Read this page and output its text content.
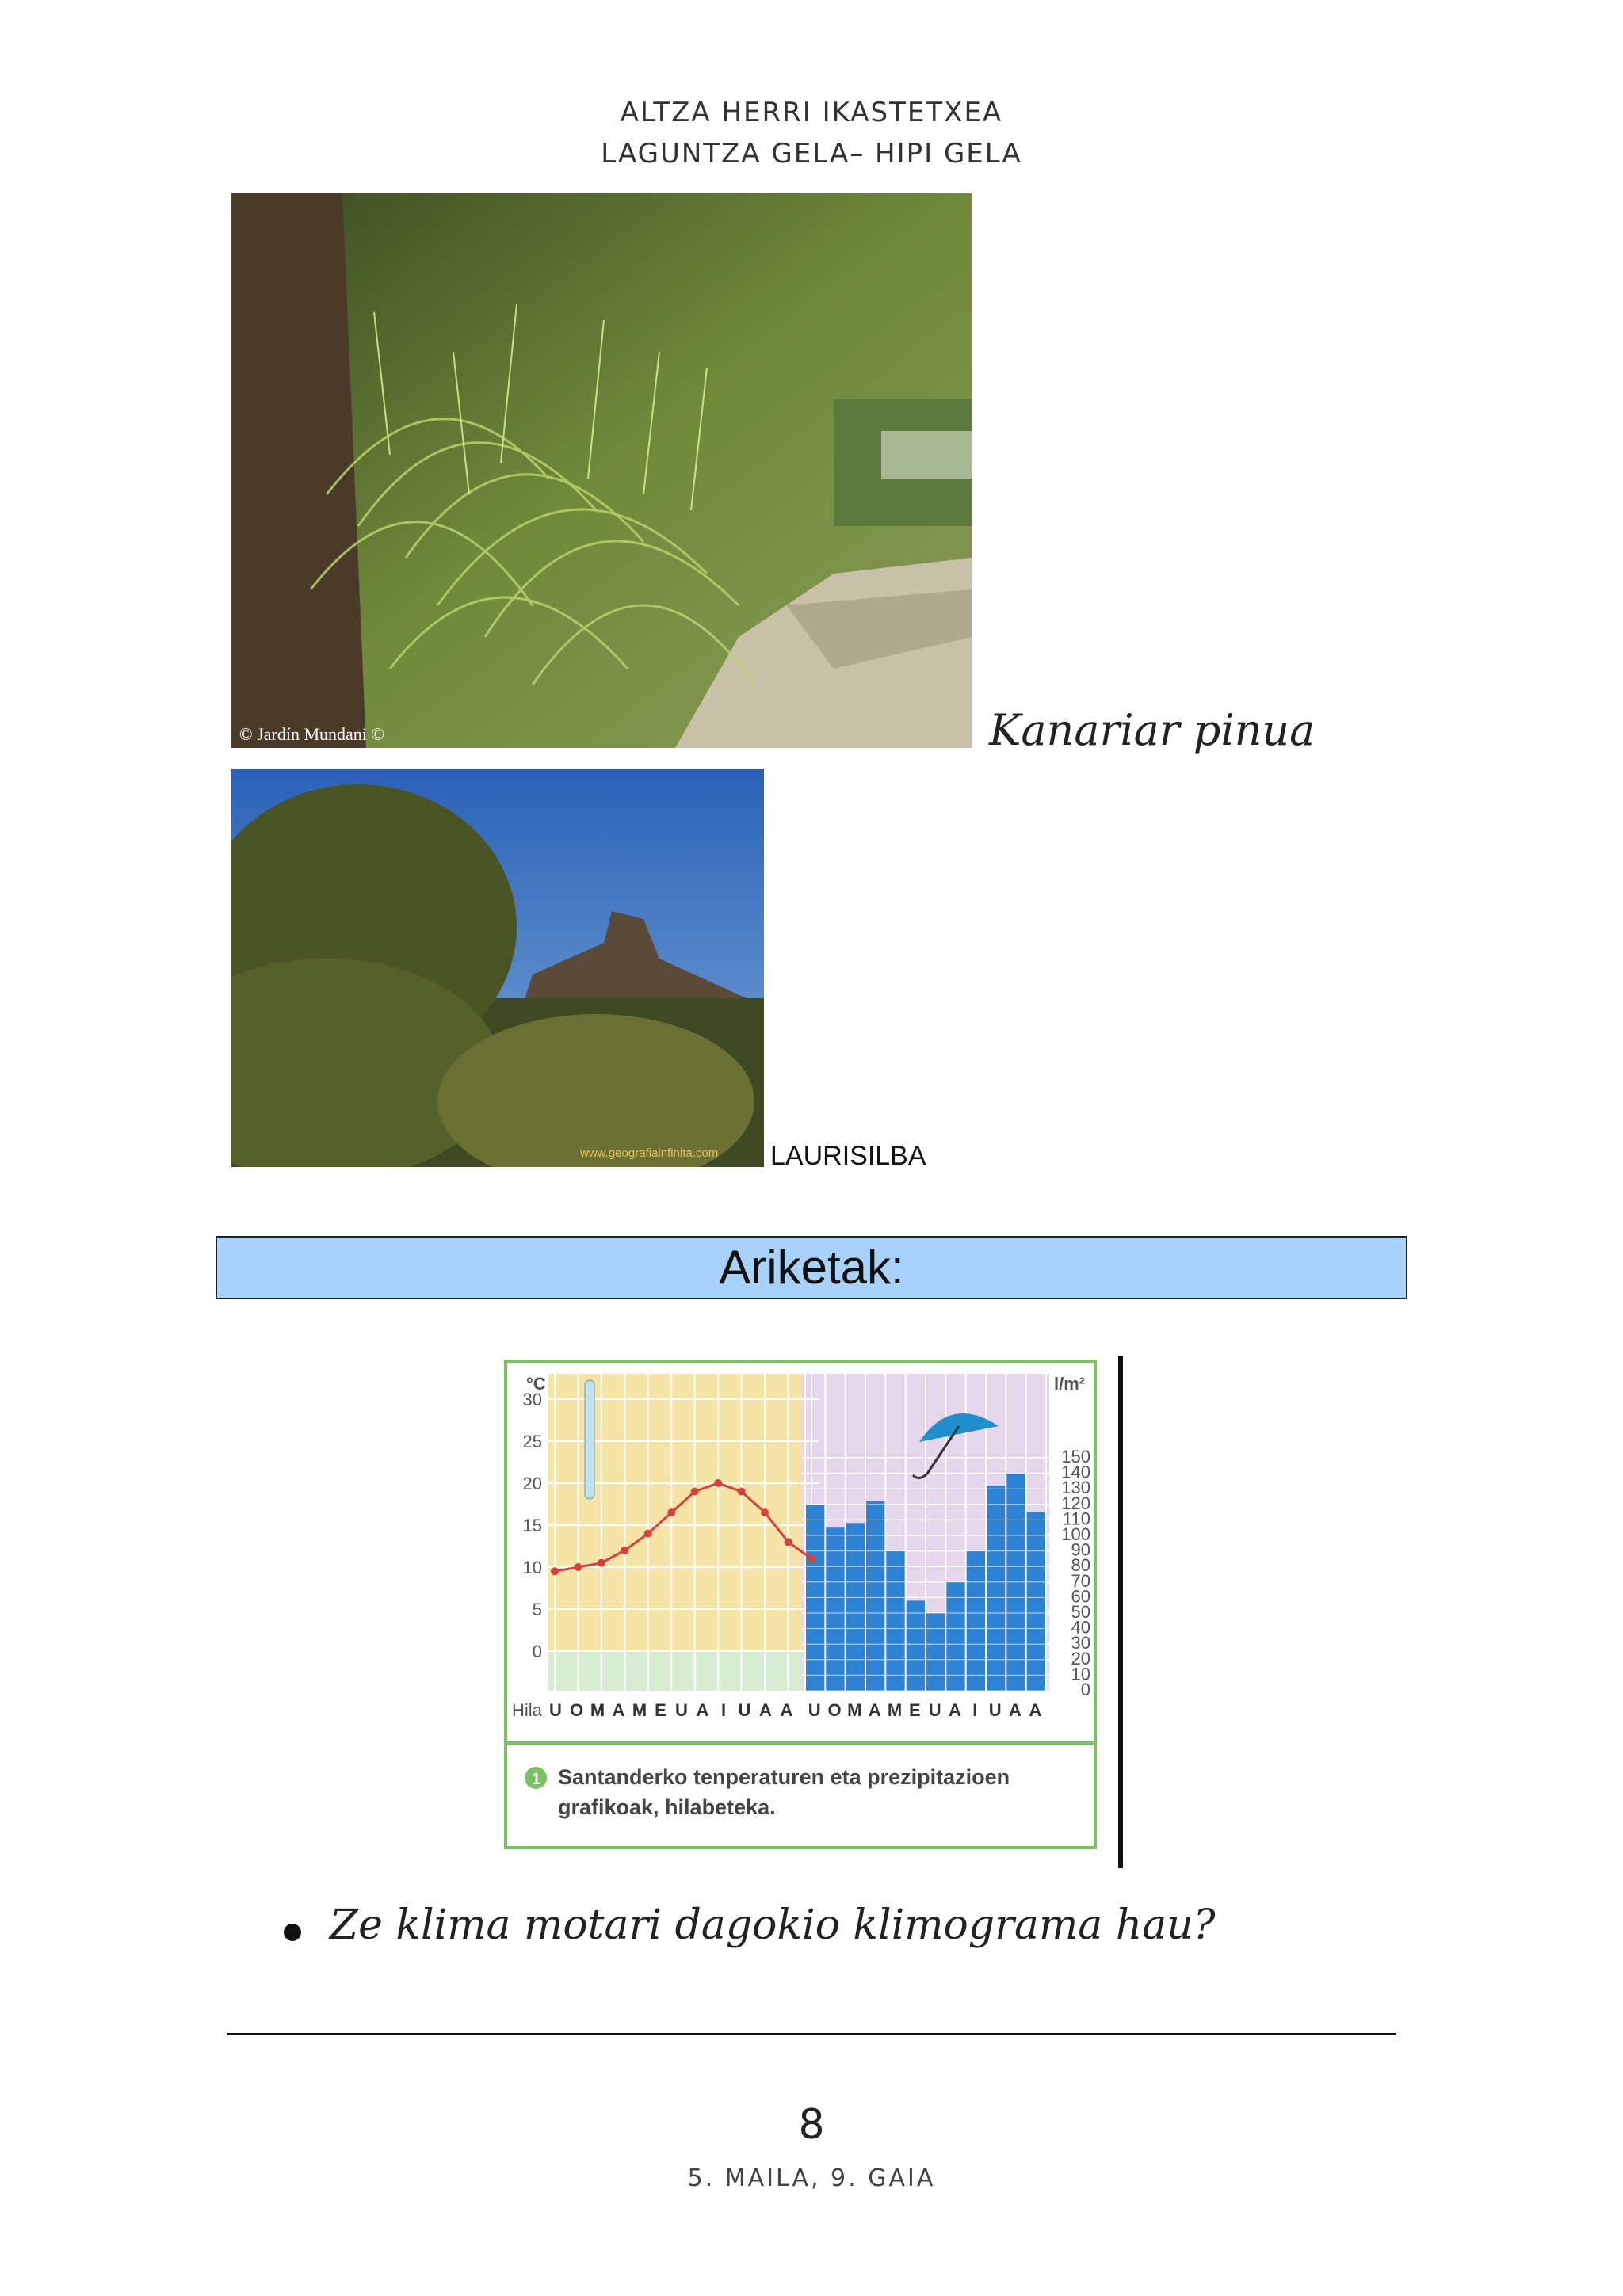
ALTZA HERRI IKASTETXEA
LAGUNTZA GELA– HIPI GELA
© Jardín Mundani ©	Kanariar pinua
www.geografiainfinita.com LAURISILBA
Ariketak:
30
25
20
15
10
5
0
150
140
130
120
110
100
90
80
70
60
50
40
30
20
10
0
U O M A M E U A I U A A U O M A M E U A I U A A
°C	l/m²
Hila
1 Santanderko tenperaturen eta prezipitazioen
grafikoak, hilabeteka.
Ze klima motari dagokio klimograma hau?
8
5. MAILA, 9. GAIA
